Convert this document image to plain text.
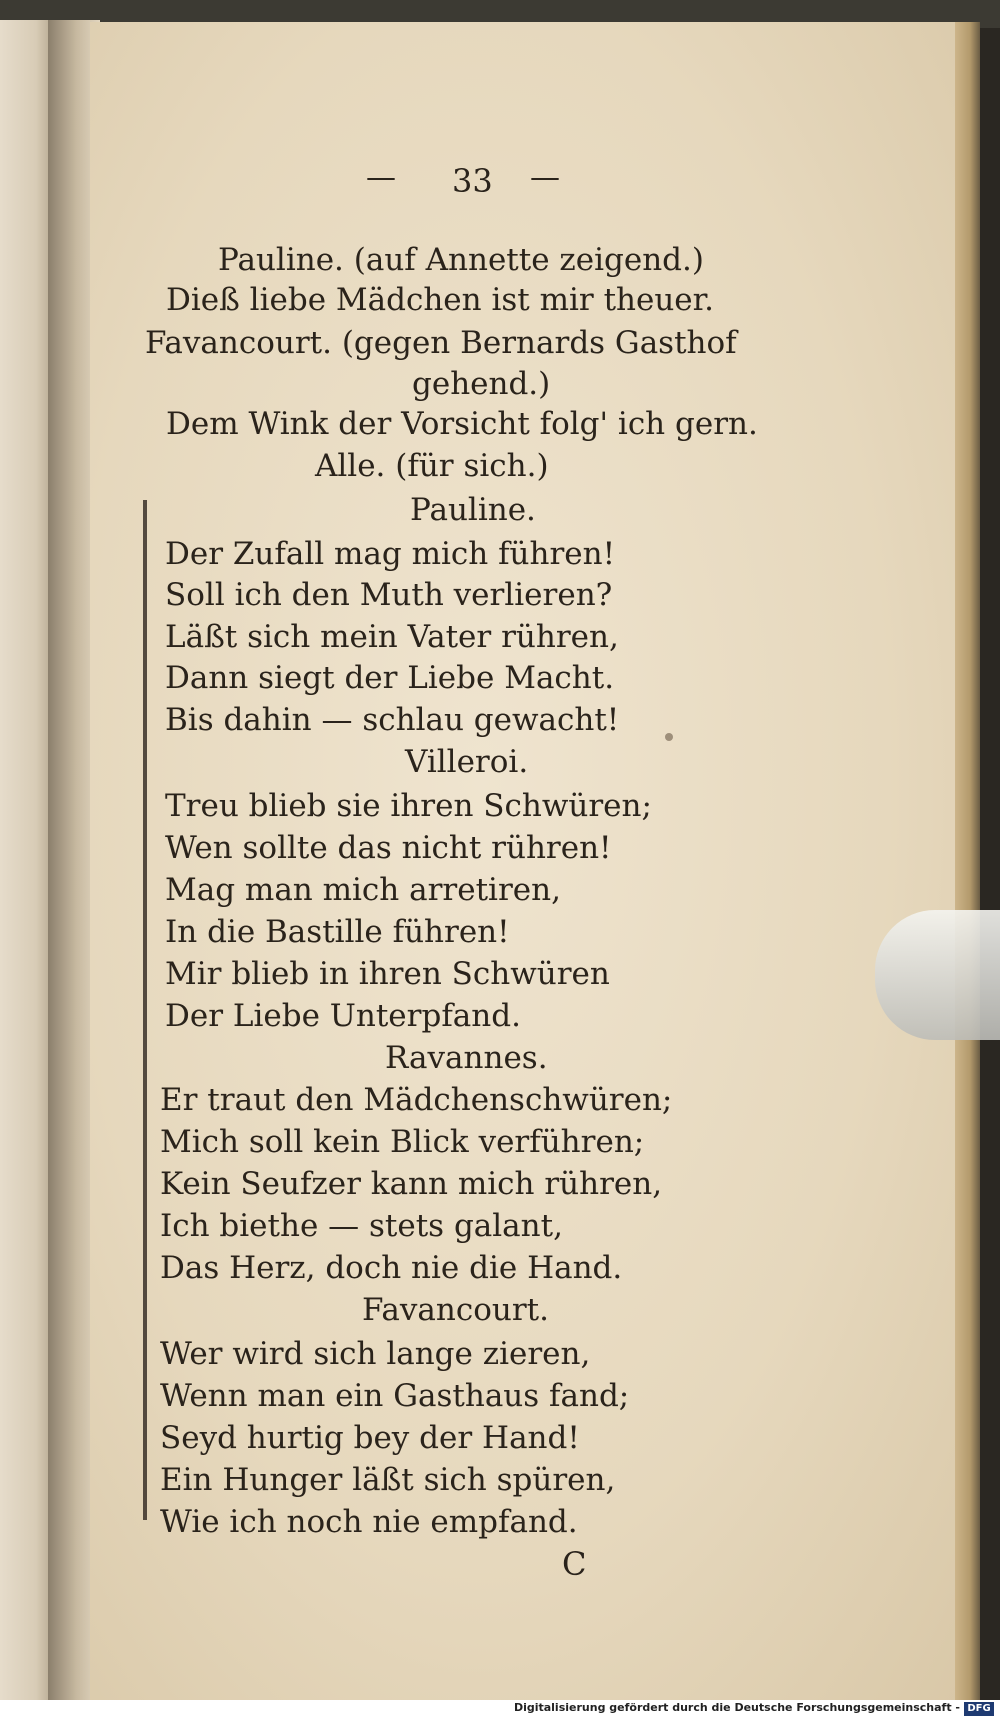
— 33 —
Pauline. (auf Annette zeigend.)
Dieß liebe Mädchen ist mir theuer.
Favancourt. (gegen Bernards Gasthof
gehend.)
Dem Wink der Vorsicht folg' ich gern.
Alle. (für sich.)
Pauline.
Der Zufall mag mich führen!
Soll ich den Muth verlieren?
Läßt sich mein Vater rühren,
Dann siegt der Liebe Macht.
Bis dahin — schlau gewacht!
Villeroi.
Treu blieb sie ihren Schwüren;
Wen sollte das nicht rühren!
Mag man mich arretiren,
In die Bastille führen!
Mir blieb in ihren Schwüren
Der Liebe Unterpfand.
Ravannes.
Er traut den Mädchenschwüren;
Mich soll kein Blick verführen;
Kein Seufzer kann mich rühren,
Ich biethe — stets galant,
Das Herz, doch nie die Hand.
Favancourt.
Wer wird sich lange zieren,
Wenn man ein Gasthaus fand;
Seyd hurtig bey der Hand!
Ein Hunger läßt sich spüren,
Wie ich noch nie empfand.
C
Digitalisierung gefördert durch die Deutsche Forschungsgemeinschaft - DFG
